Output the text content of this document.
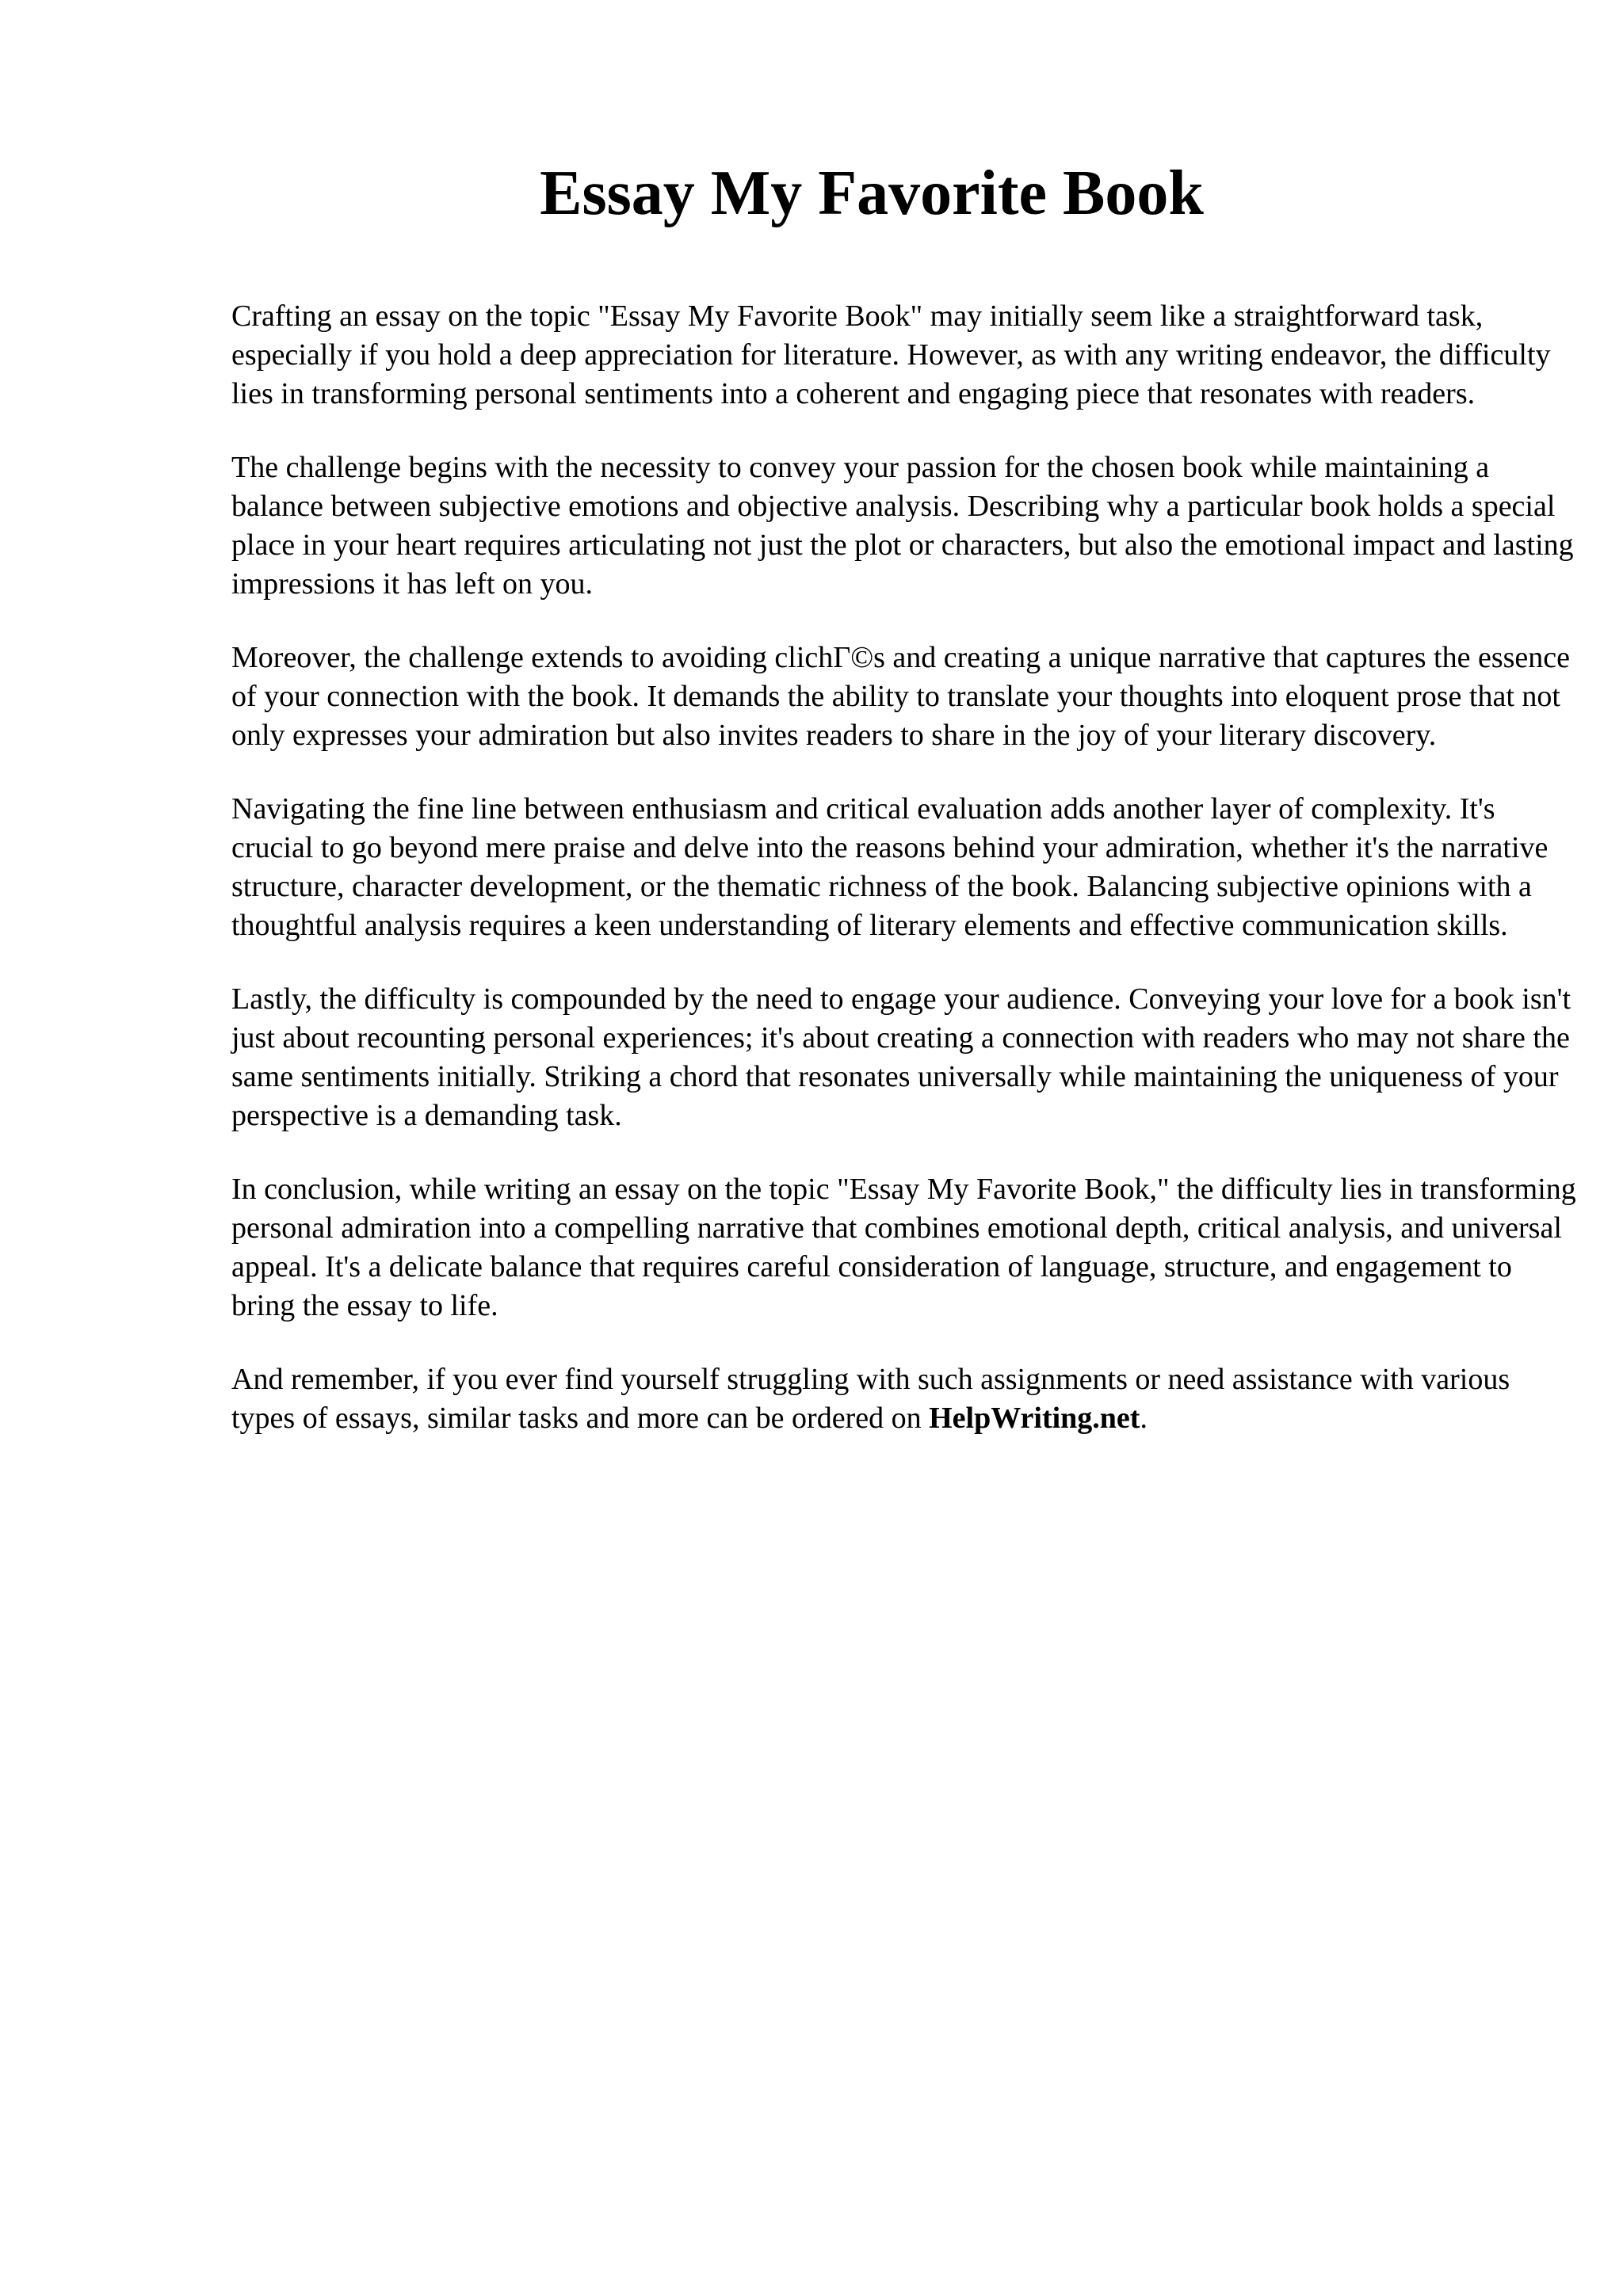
Essay My Favorite Book

Crafting an essay on the topic "Essay My Favorite Book" may initially seem like a straightforward task, especially if you hold a deep appreciation for literature. However, as with any writing endeavor, the difficulty lies in transforming personal sentiments into a coherent and engaging piece that resonates with readers.

The challenge begins with the necessity to convey your passion for the chosen book while maintaining a balance between subjective emotions and objective analysis. Describing why a particular book holds a special place in your heart requires articulating not just the plot or characters, but also the emotional impact and lasting impressions it has left on you.

Moreover, the challenge extends to avoiding clichГ©s and creating a unique narrative that captures the essence of your connection with the book. It demands the ability to translate your thoughts into eloquent prose that not only expresses your admiration but also invites readers to share in the joy of your literary discovery.

Navigating the fine line between enthusiasm and critical evaluation adds another layer of complexity. It's crucial to go beyond mere praise and delve into the reasons behind your admiration, whether it's the narrative structure, character development, or the thematic richness of the book. Balancing subjective opinions with a thoughtful analysis requires a keen understanding of literary elements and effective communication skills.

Lastly, the difficulty is compounded by the need to engage your audience. Conveying your love for a book isn't just about recounting personal experiences; it's about creating a connection with readers who may not share the same sentiments initially. Striking a chord that resonates universally while maintaining the uniqueness of your perspective is a demanding task.

In conclusion, while writing an essay on the topic "Essay My Favorite Book," the difficulty lies in transforming personal admiration into a compelling narrative that combines emotional depth, critical analysis, and universal appeal. It's a delicate balance that requires careful consideration of language, structure, and engagement to bring the essay to life.

And remember, if you ever find yourself struggling with such assignments or need assistance with various types of essays, similar tasks and more can be ordered on HelpWriting.net.
